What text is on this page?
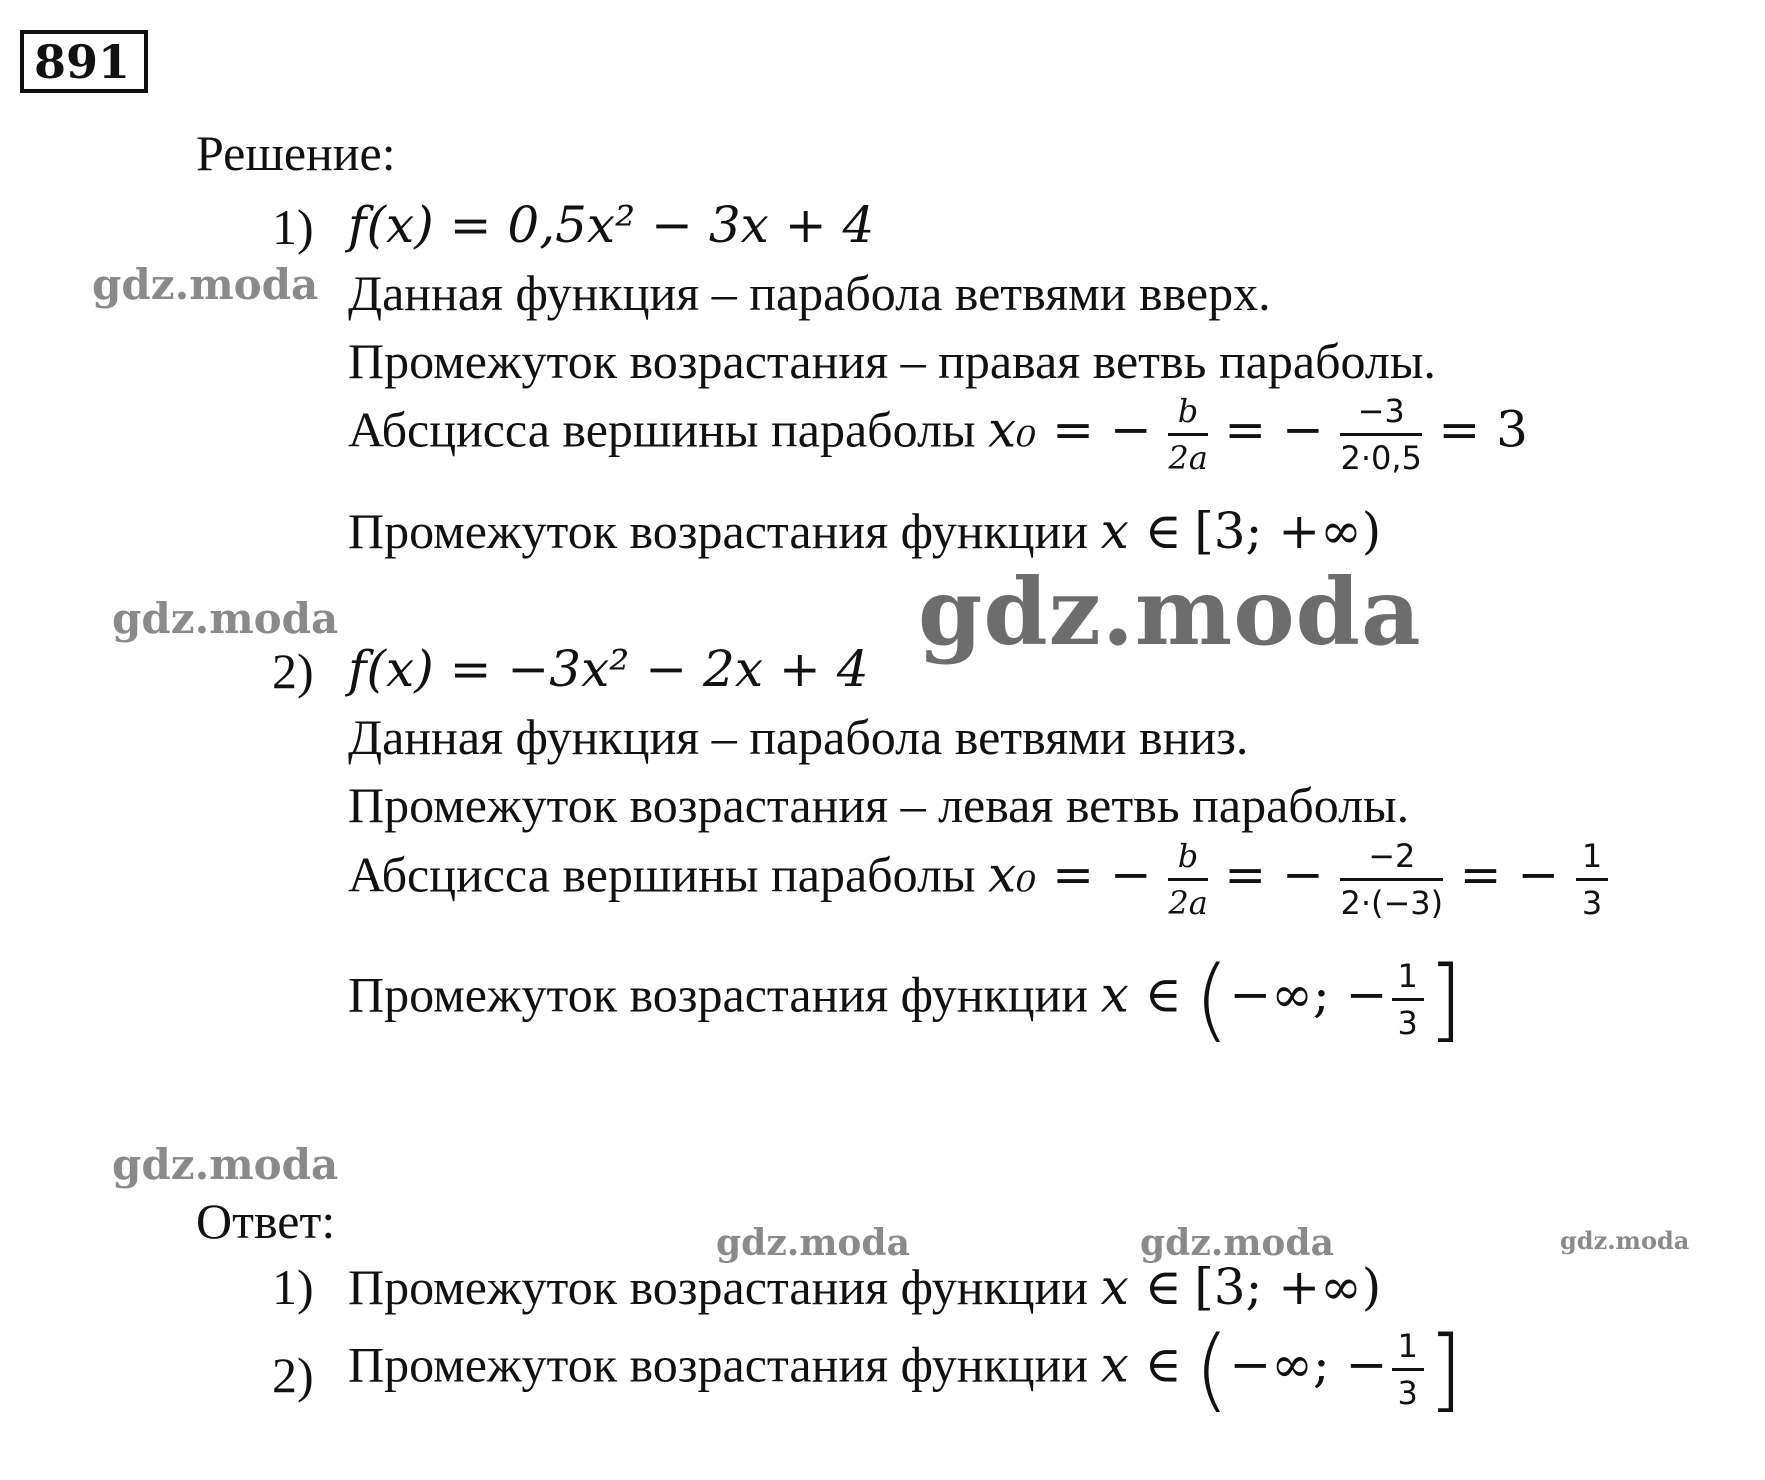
891
Решение:
1) f(x) = 0,5x² − 3x + 4
Данная функция – парабола ветвями вверх.
Промежуток возрастания – правая ветвь параболы.
Абсцисса вершины параболы x₀ = − $\frac{b}{2a}$ = − $\frac{-3}{2\cdot 0,5} = 3$
Промежуток возрастания функции x ∈ [3; +∞)
2) f(x) = −3x² − 2x + 4
Данная функция – парабола ветвями вниз.
Промежуток возрастания – левая ветвь параболы.
Абсцисса вершины параболы x₀ = − $\frac{b}{2a}$ = − $\frac{-2}{2\cdot(-3)}$ = − $\frac{1}{3}$
Промежуток возрастания функции x ∈ (−∞; − $\frac{1}{3}$ ]
Ответ:
1) Промежуток возрастания функции x ∈ [3; +∞)
2) Промежуток возрастания функции x ∈ (−∞; − $\frac{1}{3}$ ]
gdz.moda
gdz.moda	gdz.moda
gdz.moda
gdz.moda	gdz.moda	gdz.moda
